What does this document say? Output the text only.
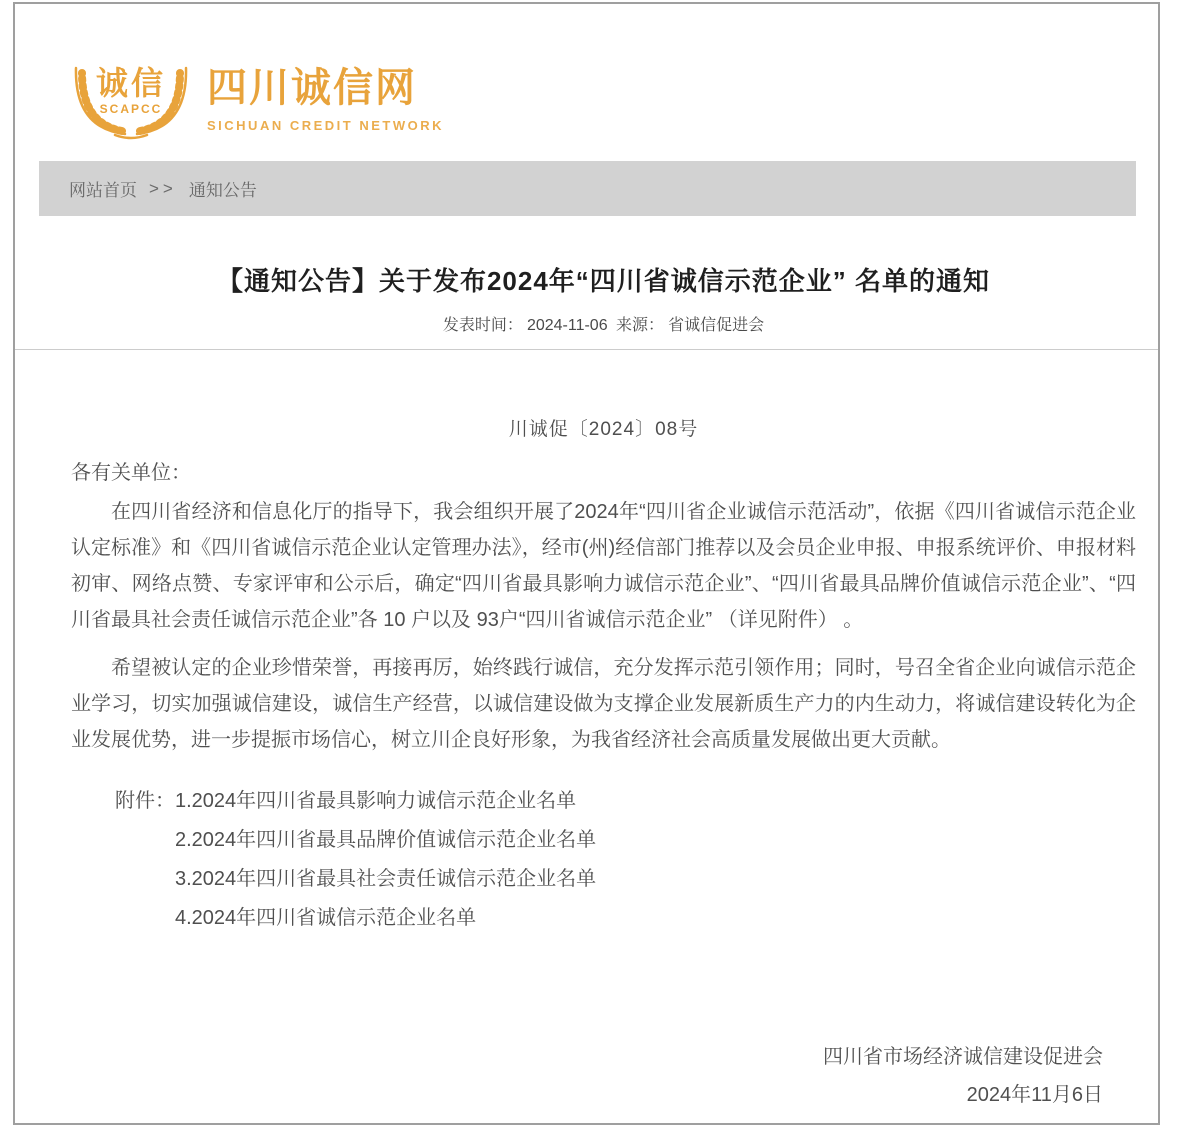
诚信
SCAPCC 四川诚信网
SICHUAN CREDIT NETWORK
网站首页 >> 通知公告
【通知公告】关于发布2024年“四川省诚信示范企业” 名单的通知
发表时间： 2024-11-06 来源： 省诚信促进会
川诚促〔2024〕08号

各有关单位：

在四川省经济和信息化厅的指导下，我会组织开展了2024年“四川省企业诚信示范活动”，依据《四川省诚信示范企业认定标准》和《四川省诚信示范企业认定管理办法》，经市(州)经信部门推荐以及会员企业申报、申报系统评价、申报材料初审、网络点赞、专家评审和公示后，确定“四川省最具影响力诚信示范企业”、“四川省最具品牌价值诚信示范企业”、“四川省最具社会责任诚信示范企业”各 10 户以及 93户“四川省诚信示范企业” （详见附件） 。

希望被认定的企业珍惜荣誉，再接再厉，始终践行诚信，充分发挥示范引领作用；同时，号召全省企业向诚信示范企业学习，切实加强诚信建设，诚信生产经营，以诚信建设做为支撑企业发展新质生产力的内生动力，将诚信建设转化为企业发展优势，进一步提振市场信心，树立川企良好形象，为我省经济社会高质量发展做出更大贡献。

附件： 1.2024年四川省最具影响力诚信示范企业名单
2.2024年四川省最具品牌价值诚信示范企业名单
3.2024年四川省最具社会责任诚信示范企业名单
4.2024年四川省诚信示范企业名单
四川省市场经济诚信建设促进会
2024年11月6日
